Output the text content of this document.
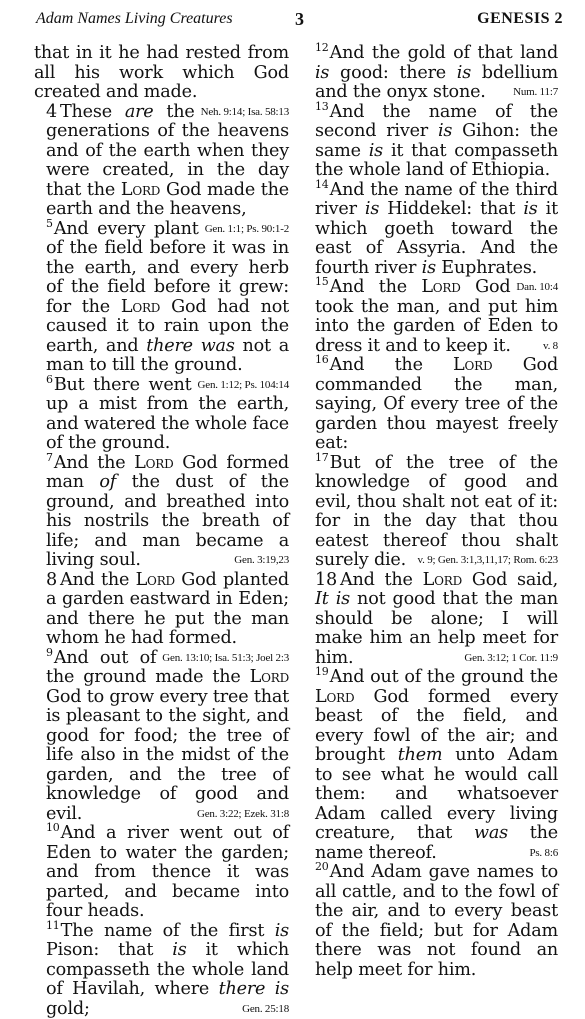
Adam Names Living Creatures	3	GENESIS 2

that in it he had rested from all his work which God created and made.
Neh. 9:14; Isa. 58:13

4 These are the generations of the heavens and of the earth when they were created, in the day that the Lord God made the earth and the heavens,
Gen. 1:1; Ps. 90:1-2

$^5$And every plant of the field before it was in the earth, and every herb of the field before it grew: for the Lord God had not caused it to rain upon the earth, and there was not a man to till the ground.
Gen. 1:12; Ps. 104:14

$^6$But there went up a mist from the earth, and watered the whole face of the ground.

$^7$And the Lord God formed man of the dust of the ground, and breathed into his nostrils the breath of life; and man became a living soul.	Gen. 3:19,23

8 And the Lord God planted a garden eastward in Eden; and there he put the man whom he had formed.
Gen. 13:10; Isa. 51:3; Joel 2:3

$^9$And out of the ground made the Lord God to grow every tree that is pleasant to the sight, and good for food; the tree of life also in the midst of the garden, and the tree of knowledge of good and evil.	Gen. 3:22; Ezek. 31:8

$^{10}$And a river went out of Eden to water the garden; and from thence it was parted, and became into four heads.

$^{11}$The name of the first is Pison: that is it which compasseth the whole land of Havilah, where there is gold;	Gen. 25:18

$^{12}$And the gold of that land is good: there is bdellium and the onyx stone. Num. 11:7

$^{13}$And the name of the second river is Gihon: the same is it that compasseth the whole land of Ethiopia.

$^{14}$And the name of the third river is Hiddekel: that is it which goeth toward the east of Assyria. And the fourth river is Euphrates.
Dan. 10:4

$^{15}$And the Lord God took the man, and put him into the garden of Eden to dress it and to keep it.	v. 8

$^{16}$And the Lord God commanded the man, saying, Of every tree of the garden thou mayest freely eat:

$^{17}$But of the tree of the knowledge of good and evil, thou shalt not eat of it: for in the day that thou eatest thereof thou shalt surely die. v. 9; Gen. 3:1,3,11,17; Rom. 6:23

18 And the Lord God said, It is not good that the man should be alone; I will make him an help meet for him.	Gen. 3:12; 1 Cor. 11:9

$^{19}$And out of the ground the Lord God formed every beast of the field, and every fowl of the air; and brought them unto Adam to see what he would call them: and whatsoever Adam called every living creature, that was the name thereof.	Ps. 8:6

$^{20}$And Adam gave names to all cattle, and to the fowl of the air, and to every beast of the field; but for Adam there was not found an help meet for him.
